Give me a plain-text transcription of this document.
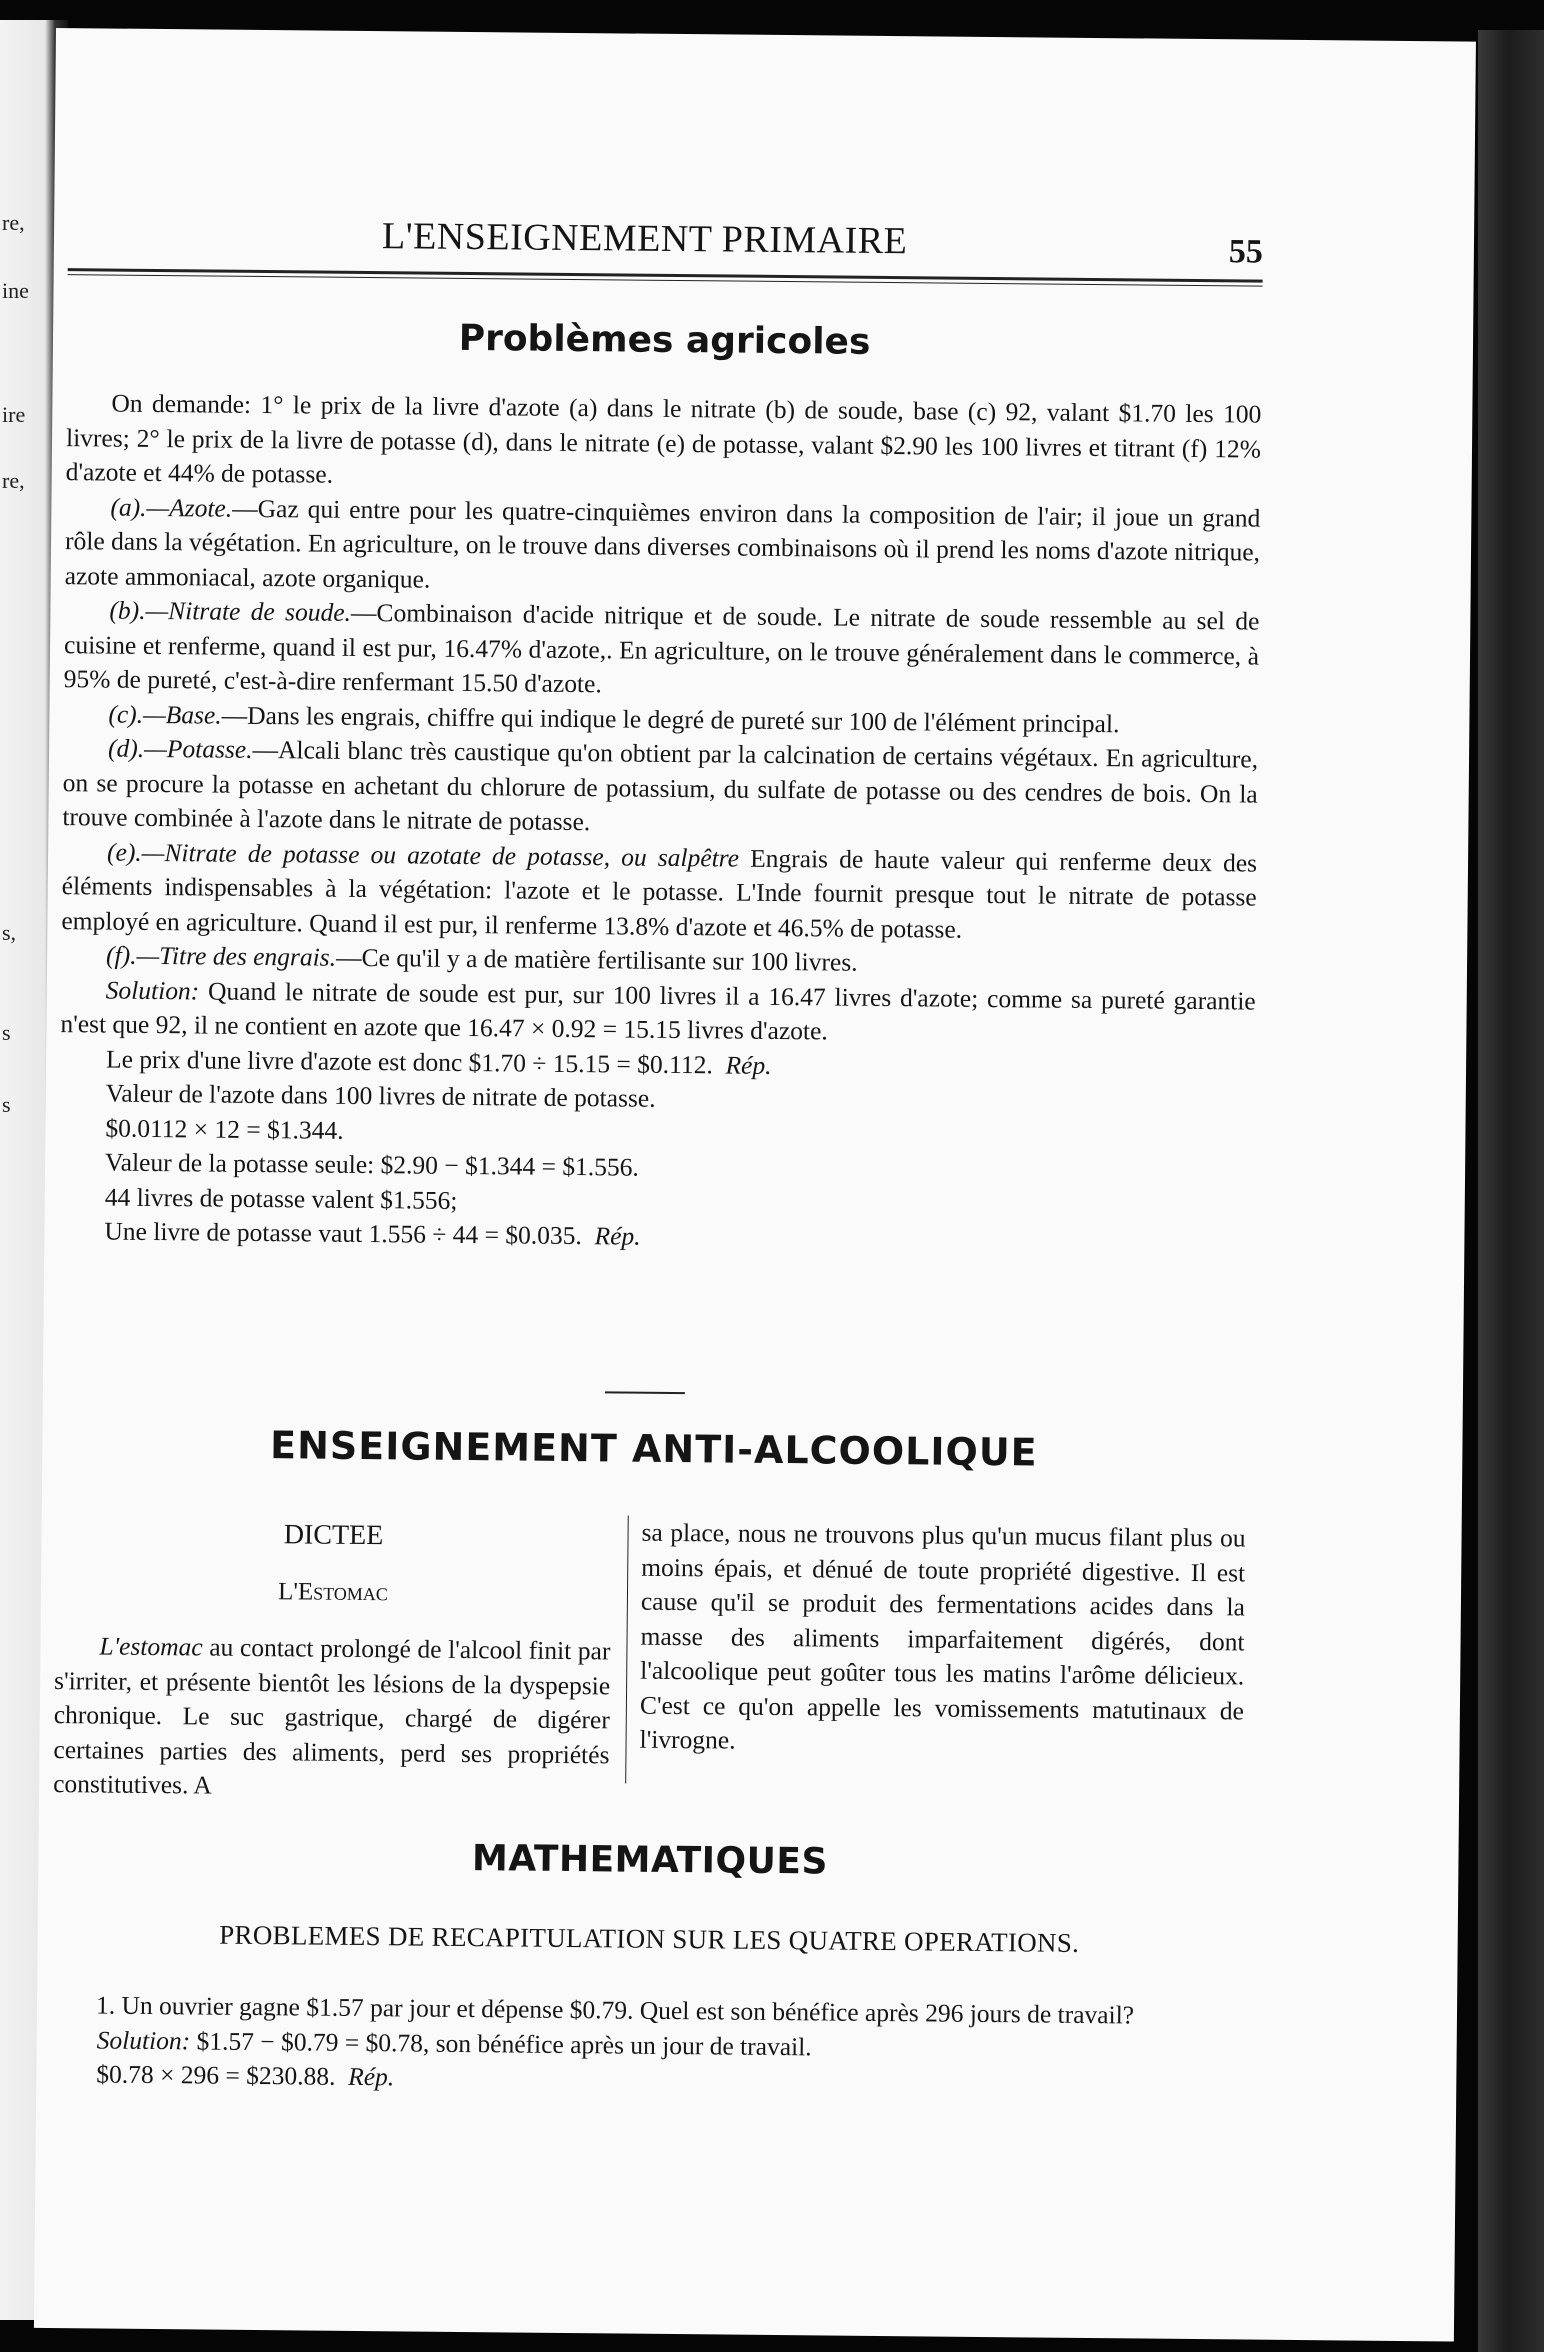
re,
ine
ire
re,
s,
s
s
L'ENSEIGNEMENT PRIMAIRE	55
Problèmes agricoles

On demande: 1° le prix de la livre d'azote (a) dans le nitrate (b) de soude, base (c) 92, valant $1.70 les 100 livres; 2° le prix de la livre de potasse (d), dans le nitrate (e) de potasse, valant $2.90 les 100 livres et titrant (f) 12% d'azote et 44% de potasse.

(a).—Azote.—Gaz qui entre pour les quatre-cinquièmes environ dans la composition de l'air; il joue un grand rôle dans la végétation. En agriculture, on le trouve dans diverses combinaisons où il prend les noms d'azote nitrique, azote ammoniacal, azote organique.

(b).—Nitrate de soude.—Combinaison d'acide nitrique et de soude. Le nitrate de soude ressemble au sel de cuisine et renferme, quand il est pur, 16.47% d'azote,. En agriculture, on le trouve généralement dans le commerce, à 95% de pureté, c'est-à-dire renfermant 15.50 d'azote.

(c).—Base.—Dans les engrais, chiffre qui indique le degré de pureté sur 100 de l'élément principal.

(d).—Potasse.—Alcali blanc très caustique qu'on obtient par la calcination de certains végétaux. En agriculture, on se procure la potasse en achetant du chlorure de potassium, du sulfate de potasse ou des cendres de bois. On la trouve combinée à l'azote dans le nitrate de potasse.

(e).—Nitrate de potasse ou azotate de potasse, ou salpêtre Engrais de haute valeur qui renferme deux des éléments indispensables à la végétation: l'azote et le potasse. L'Inde fournit presque tout le nitrate de potasse employé en agriculture. Quand il est pur, il renferme 13.8% d'azote et 46.5% de potasse.

(f).—Titre des engrais.—Ce qu'il y a de matière fertilisante sur 100 livres.

Solution: Quand le nitrate de soude est pur, sur 100 livres il a 16.47 livres d'azote; comme sa pureté garantie n'est que 92, il ne contient en azote que 16.47 × 0.92 = 15.15 livres d'azote.

Le prix d'une livre d'azote est donc $1.70 ÷ 15.15 = $0.112. Rép.

Valeur de l'azote dans 100 livres de nitrate de potasse.

$0.0112 × 12 = $1.344.

Valeur de la potasse seule: $2.90 − $1.344 = $1.556.

44 livres de potasse valent $1.556;

Une livre de potasse vaut 1.556 ÷ 44 = $0.035. Rép.

ENSEIGNEMENT ANTI-ALCOOLIQUE
DICTEE
L'Estomac

L'estomac au contact prolongé de l'alcool finit par s'irriter, et présente bientôt les lésions de la dyspepsie chronique. Le suc gastrique, chargé de digérer certaines parties des aliments, perd ses propriétés constitutives. A

sa place, nous ne trouvons plus qu'un mucus filant plus ou moins épais, et dénué de toute propriété digestive. Il est cause qu'il se produit des fermentations acides dans la masse des aliments imparfaitement digérés, dont l'alcoolique peut goûter tous les matins l'arôme délicieux. C'est ce qu'on appelle les vomissements matutinaux de l'ivrogne.

MATHEMATIQUES
PROBLEMES DE RECAPITULATION SUR LES QUATRE OPERATIONS.

1. Un ouvrier gagne $1.57 par jour et dépense $0.79. Quel est son bénéfice après 296 jours de travail?

Solution: $1.57 − $0.79 = $0.78, son bénéfice après un jour de travail.

$0.78 × 296 = $230.88. Rép.
